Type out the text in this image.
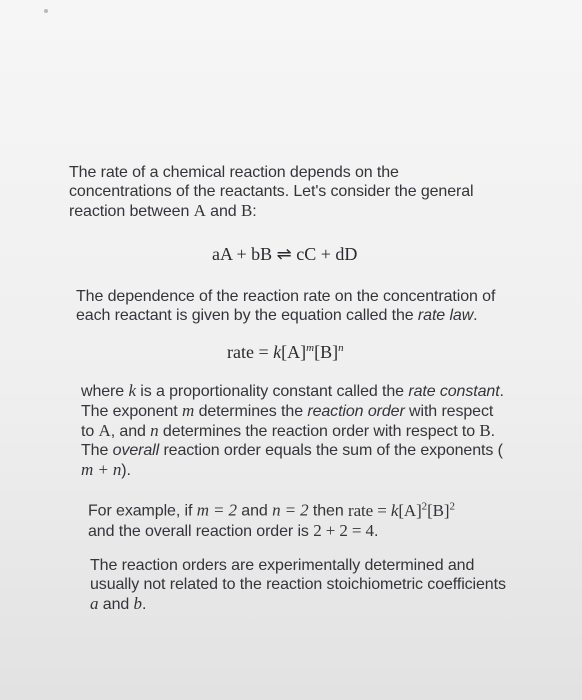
The rate of a chemical reaction depends on the
concentrations of the reactants. Let's consider the general
reaction between A and B:
aA + bB ⇌ cC + dD
The dependence of the reaction rate on the concentration of
each reactant is given by the equation called the rate law.
rate = $k[A]^m[B]^n$
where k is a proportionality constant called the rate constant.
The exponent m determines the reaction order with respect
to A, and n determines the reaction order with respect to B.
The overall reaction order equals the sum of the exponents (
m + n).
For example, if m = 2 and n = 2 then rate = $k[A]^2[B]^2$
and the overall reaction order is 2 + 2 = 4.
The reaction orders are experimentally determined and
usually not related to the reaction stoichiometric coefficients
a and b.
